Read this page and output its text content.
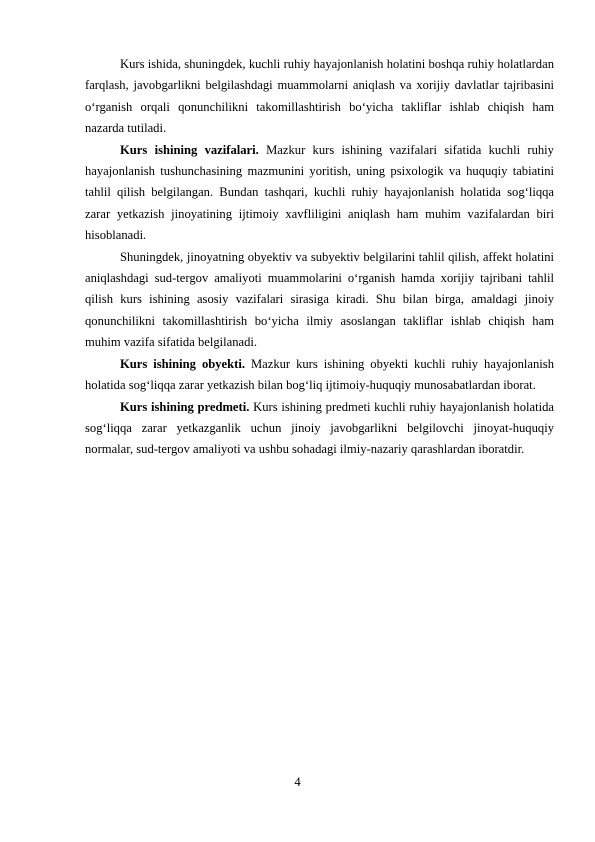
Kurs ishida, shuningdek, kuchli ruhiy hayajonlanish holatini boshqa ruhiy holatlardan farqlash, javobgarlikni belgilashdagi muammolarni aniqlash va xorijiy davlatlar tajribasini o‘rganish orqali qonunchilikni takomillashtirish bo‘yicha takliflar ishlab chiqish ham nazarda tutiladi.

Kurs ishining vazifalari. Mazkur kurs ishining vazifalari sifatida kuchli ruhiy hayajonlanish tushunchasining mazmunini yoritish, uning psixologik va huquqiy tabiatini tahlil qilish belgilangan. Bundan tashqari, kuchli ruhiy hayajonlanish holatida sog‘liqqa zarar yetkazish jinoyatining ijtimoiy xavfliligini aniqlash ham muhim vazifalardan biri hisoblanadi.

Shuningdek, jinoyatning obyektiv va subyektiv belgilarini tahlil qilish, affekt holatini aniqlashdagi sud-tergov amaliyoti muammolarini o‘rganish hamda xorijiy tajribani tahlil qilish kurs ishining asosiy vazifalari sirasiga kiradi. Shu bilan birga, amaldagi jinoiy qonunchilikni takomillashtirish bo‘yicha ilmiy asoslangan takliflar ishlab chiqish ham muhim vazifa sifatida belgilanadi.

Kurs ishining obyekti. Mazkur kurs ishining obyekti kuchli ruhiy hayajonlanish holatida sog‘liqqa zarar yetkazish bilan bog‘liq ijtimoiy-huquqiy munosabatlardan iborat.

Kurs ishining predmeti. Kurs ishining predmeti kuchli ruhiy hayajonlanish holatida sog‘liqqa zarar yetkazganlik uchun jinoiy javobgarlikni belgilovchi jinoyat-huquqiy normalar, sud-tergov amaliyoti va ushbu sohadagi ilmiy-nazariy qarashlardan iboratdir.

4
